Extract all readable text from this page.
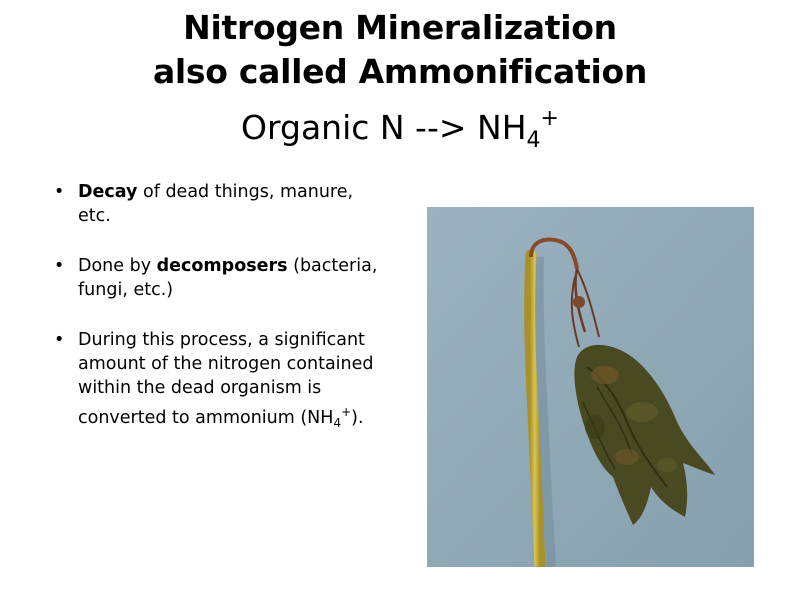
Nitrogen Mineralization
also called Ammonification
Organic N --> $NH_4^+$
• Decay of dead things, manure, etc.
• Done by decomposers (bacteria, fungi, etc.)
• During this process, a significant amount of the nitrogen contained within the dead organism is converted to ammonium $(NH_4^+)$.
